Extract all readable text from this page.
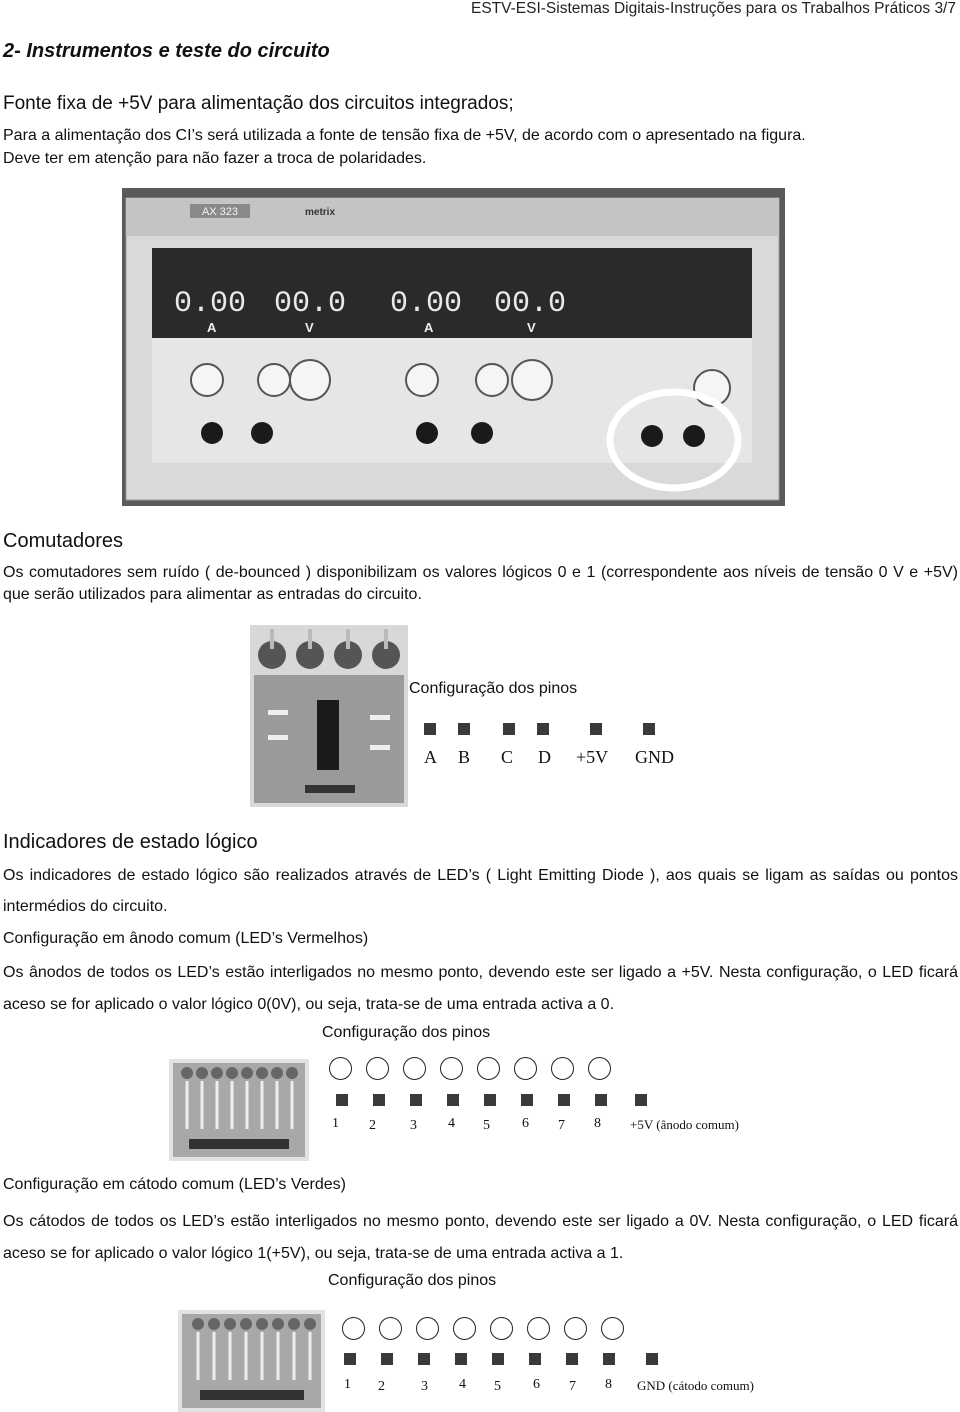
ESTV-ESI-Sistemas Digitais-Instruções para os Trabalhos Práticos 3/7
2- Instrumentos e teste do circuito
Fonte fixa de +5V para alimentação dos circuitos integrados;
Para a alimentação dos CI’s será utilizada a fonte de tensão fixa de +5V, de acordo com o apresentado na figura.
Deve ter em atenção para não fazer a troca de polaridades.
AX 323	metrix
0.00 00.0 0.00 00.0
A	V	A	V
Comutadores
Os comutadores sem ruído ( de-bounced ) disponibilizam os valores lógicos 0 e 1 (correspondente aos níveis de tensão 0 V e +5V) que serão utilizados para alimentar as entradas do circuito.
Configuração dos pinos
A B C D +5V GND
Indicadores de estado lógico
Os indicadores de estado lógico são realizados através de LED’s ( Light Emitting Diode ), aos quais se ligam as saídas ou pontos intermédios do circuito.
Configuração em ânodo comum (LED’s Vermelhos)
Os ânodos de todos os LED’s estão interligados no mesmo ponto, devendo este ser ligado a +5V. Nesta configuração, o LED ficará aceso se for aplicado o valor lógico 0(0V), ou seja, trata-se de uma entrada activa a 0.
Configuração dos pinos
1 2 3 4 5 6 7 8 +5V (ânodo comum)
Configuração em cátodo comum (LED’s Verdes)
Os cátodos de todos os LED’s estão interligados no mesmo ponto, devendo este ser ligado a 0V. Nesta configuração, o LED ficará aceso se for aplicado o valor lógico 1(+5V), ou seja, trata-se de uma entrada activa a 1.
Configuração dos pinos
1 2	3 4 5 6 7 8 GND (cátodo comum)
